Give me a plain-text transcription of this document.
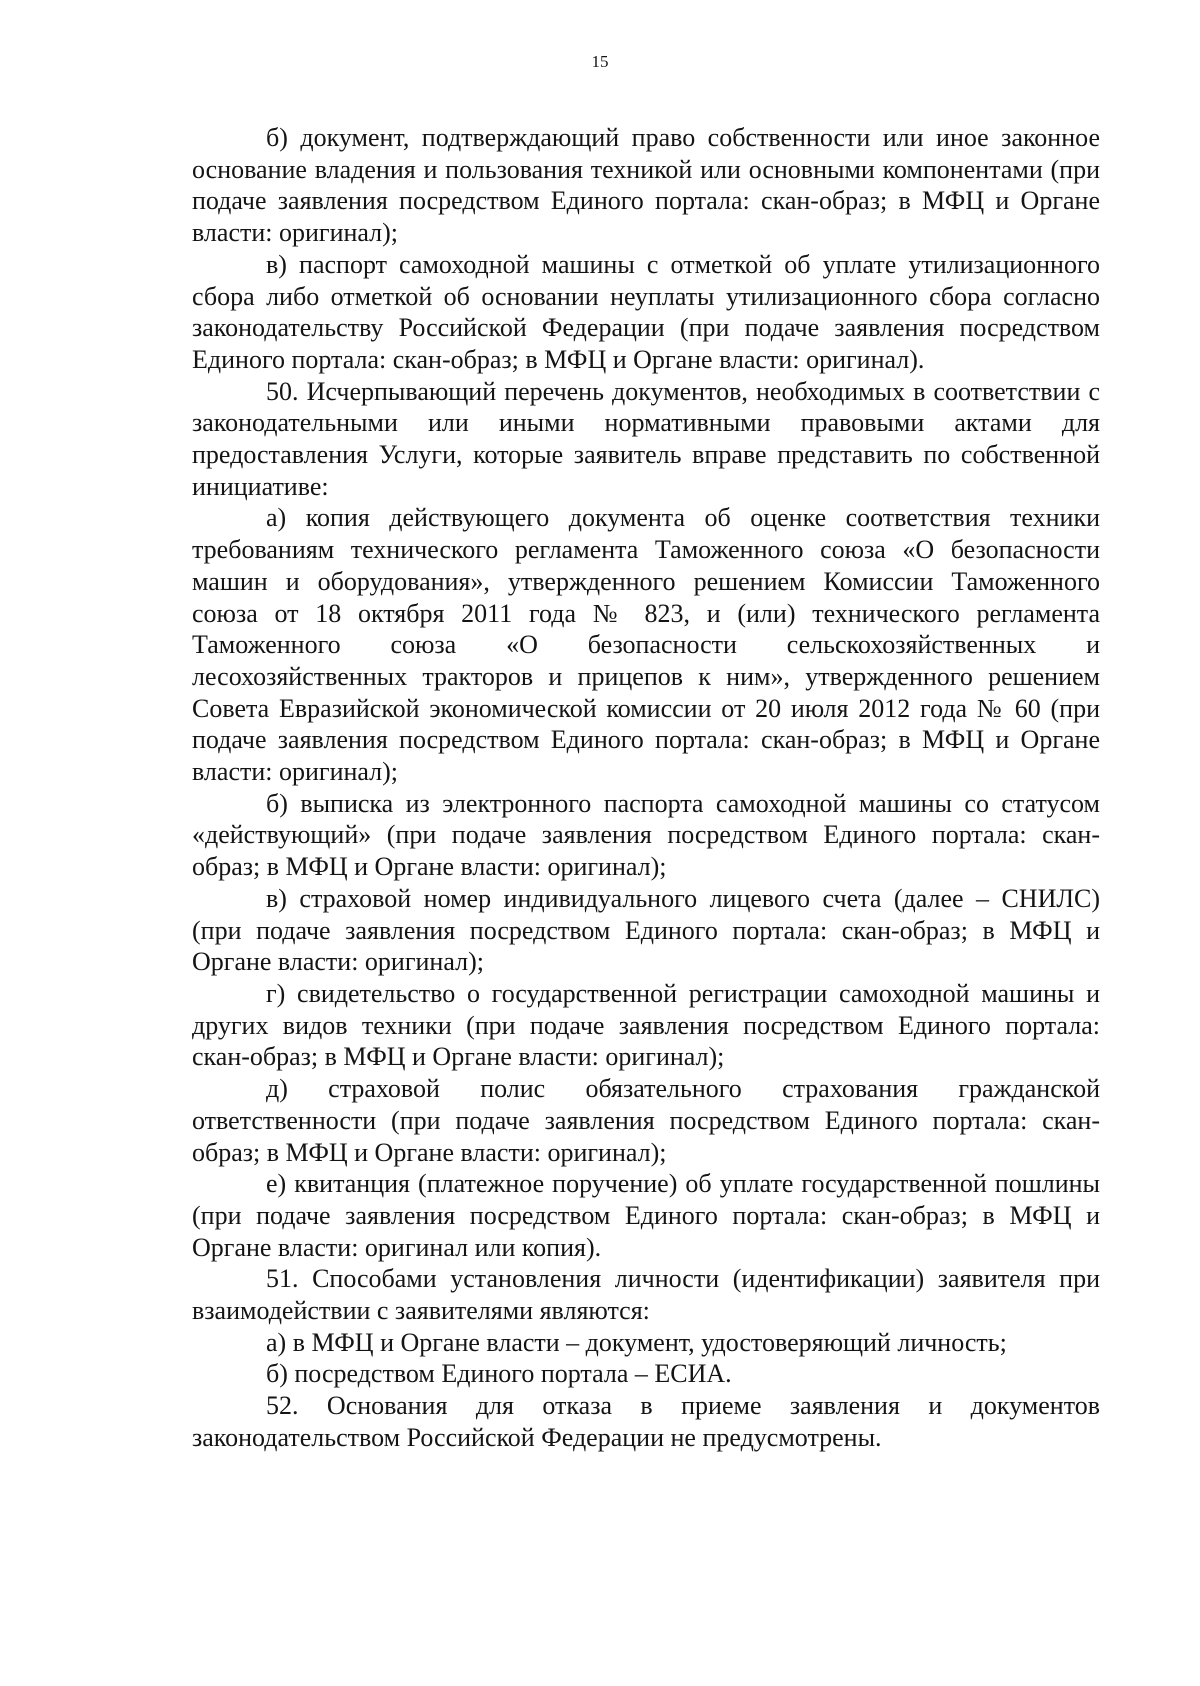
15

б) документ, подтверждающий право собственности или иное законное основание владения и пользования техникой или основными компонентами (при подаче заявления посредством Единого портала: скан-образ; в МФЦ и Органе власти: оригинал);

в) паспорт самоходной машины с отметкой об уплате утилизационного сбора либо отметкой об основании неуплаты утилизационного сбора согласно законодательству Российской Федерации (при подаче заявления посредством Единого портала: скан-образ; в МФЦ и Органе власти: оригинал).

50. Исчерпывающий перечень документов, необходимых в соответствии с законодательными или иными нормативными правовыми актами для предоставления Услуги, которые заявитель вправе представить по собственной инициативе:

а) копия действующего документа об оценке соответствия техники требованиям технического регламента Таможенного союза «О безопасности машин и оборудования», утвержденного решением Комиссии Таможенного союза от 18 октября 2011 года № 823, и (или) технического регламента Таможенного союза «О безопасности сельскохозяйственных и лесохозяйственных тракторов и прицепов к ним», утвержденного решением Совета Евразийской экономической комиссии от 20 июля 2012 года № 60 (при подаче заявления посредством Единого портала: скан-образ; в МФЦ и Органе власти: оригинал);

б) выписка из электронного паспорта самоходной машины со статусом «действующий» (при подаче заявления посредством Единого портала: скан-образ; в МФЦ и Органе власти: оригинал);

в) страховой номер индивидуального лицевого счета (далее – СНИЛС) (при подаче заявления посредством Единого портала: скан-образ; в МФЦ и Органе власти: оригинал);

г) свидетельство о государственной регистрации самоходной машины и других видов техники (при подаче заявления посредством Единого портала: скан-образ; в МФЦ и Органе власти: оригинал);

д) страховой полис обязательного страхования гражданской ответственности (при подаче заявления посредством Единого портала: скан-образ; в МФЦ и Органе власти: оригинал);

е) квитанция (платежное поручение) об уплате государственной пошлины (при подаче заявления посредством Единого портала: скан-образ; в МФЦ и Органе власти: оригинал или копия).

51. Способами установления личности (идентификации) заявителя при взаимодействии с заявителями являются:

а) в МФЦ и Органе власти – документ, удостоверяющий личность;

б) посредством Единого портала – ЕСИА.

52. Основания для отказа в приеме заявления и документов законодательством Российской Федерации не предусмотрены.
